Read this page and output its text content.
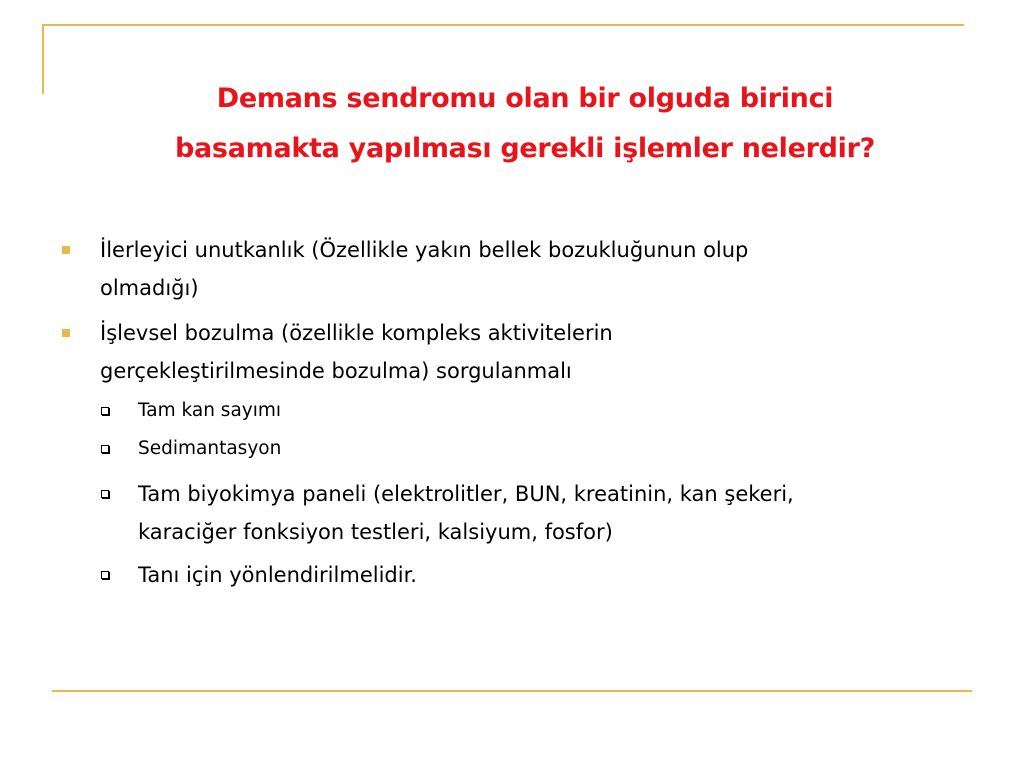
Demans sendromu olan bir olguda birinci
basamakta yapılması gerekli işlemler nelerdir?
İlerleyici unutkanlık (Özellikle yakın bellek bozukluğunun olup
olmadığı)
İşlevsel bozulma (özellikle kompleks aktivitelerin
gerçekleştirilmesinde bozulma) sorgulanmalı
Tam kan sayımı
Sedimantasyon
Tam biyokimya paneli (elektrolitler, BUN, kreatinin, kan şekeri,
karaciğer fonksiyon testleri, kalsiyum, fosfor)
Tanı için yönlendirilmelidir.
